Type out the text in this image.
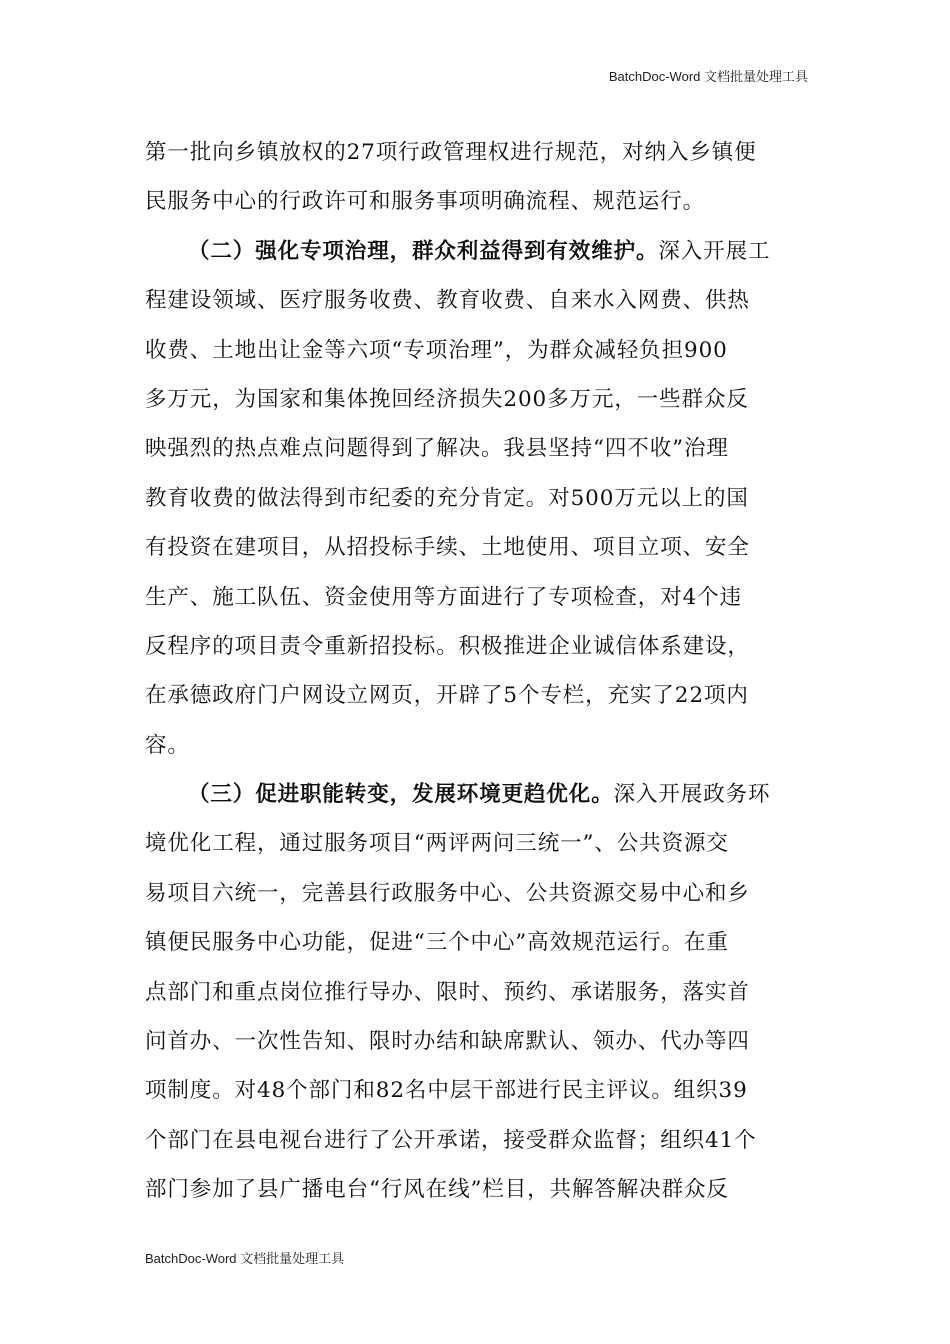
BatchDoc-Word 文档批量处理工具
第一批向乡镇放权的27项行政管理权进行规范，对纳入乡镇便
民服务中心的行政许可和服务事项明确流程、规范运行。
（二）强化专项治理，群众利益得到有效维护。深入开展工
程建设领域、医疗服务收费、教育收费、自来水入网费、供热
收费、土地出让金等六项“专项治理”，为群众减轻负担900
多万元，为国家和集体挽回经济损失200多万元，一些群众反
映强烈的热点难点问题得到了解决。我县坚持“四不收”治理
教育收费的做法得到市纪委的充分肯定。对500万元以上的国
有投资在建项目，从招投标手续、土地使用、项目立项、安全
生产、施工队伍、资金使用等方面进行了专项检查，对4个违
反程序的项目责令重新招投标。积极推进企业诚信体系建设，
在承德政府门户网设立网页，开辟了5个专栏，充实了22项内
容。
（三）促进职能转变，发展环境更趋优化。深入开展政务环
境优化工程，通过服务项目“两评两问三统一”、公共资源交
易项目六统一，完善县行政服务中心、公共资源交易中心和乡
镇便民服务中心功能，促进“三个中心”高效规范运行。在重
点部门和重点岗位推行导办、限时、预约、承诺服务，落实首
问首办、一次性告知、限时办结和缺席默认、领办、代办等四
项制度。对48个部门和82名中层干部进行民主评议。组织39
个部门在县电视台进行了公开承诺，接受群众监督；组织41个
部门参加了县广播电台“行风在线”栏目，共解答解决群众反
BatchDoc-Word 文档批量处理工具
